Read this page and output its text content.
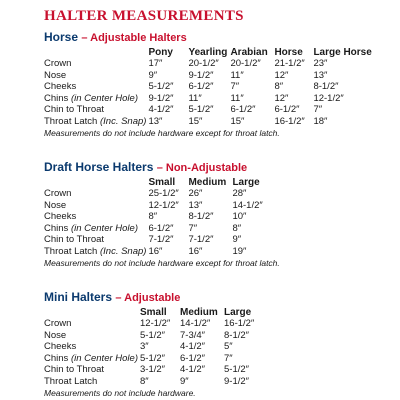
HALTER MEASUREMENTS
Horse – Adjustable Halters
	Pony	Yearling	Arabian	Horse	Large Horse
Crown	17″	20-1/2″	20-1/2″	21-1/2″	23″
Nose	9″	9-1/2″	11″	12″	13″
Cheeks	5-1/2″	6-1/2″	7″	8″	8-1/2″
Chins (in Center Hole)	9-1/2″	11″	11″	12″	12-1/2″
Chin to Throat	4-1/2″	5-1/2″	6-1/2″	6-1/2″	7″
Throat Latch (Inc. Snap)	13″	15″	15″	16-1/2″	18″

Measurements do not include hardware except for throat latch.

Draft Horse Halters – Non-Adjustable
	Small	Medium	Large
Crown	25-1/2″	26″	28″
Nose	12-1/2″	13″	14-1/2″
Cheeks	8″	8-1/2″	10″
Chins (in Center Hole)	6-1/2″	7″	8″
Chin to Throat	7-1/2″	7-1/2″	9″
Throat Latch (Inc. Snap)	16″	16″	19″

Measurements do not include hardware except for throat latch.

Mini Halters – Adjustable
	Small	Medium	Large
Crown	12-1/2″	14-1/2″	16-1/2″
Nose	5-1/2″	7-3/4″	8-1/2″
Cheeks	3″	4-1/2″	5″
Chins (in Center Hole)	5-1/2″	6-1/2″	7″
Chin to Throat	3-1/2″	4-1/2″	5-1/2″
Throat Latch	8″	9″	9-1/2″

Measurements do not include hardware.
